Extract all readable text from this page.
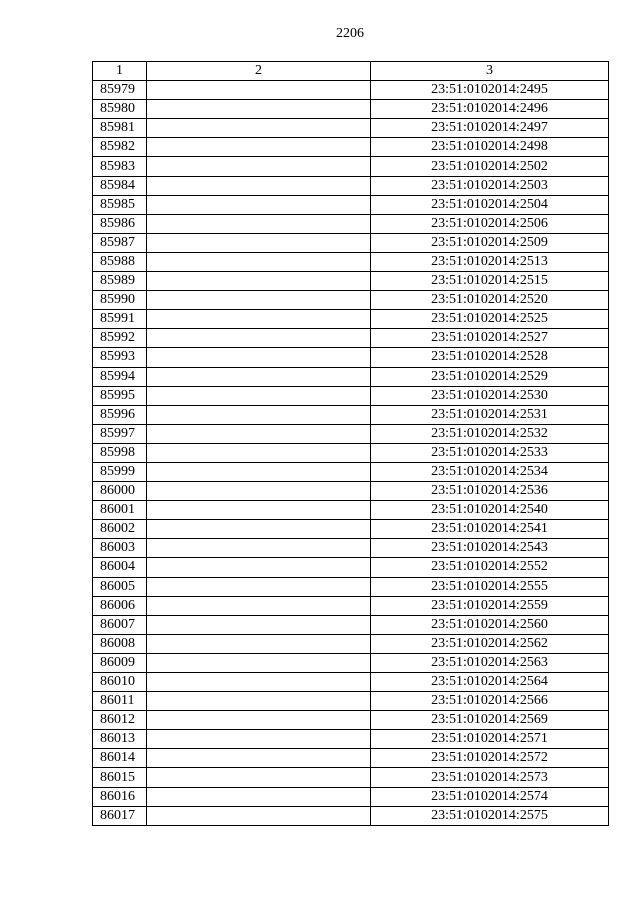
2206
1	2	3
85979		23:51:0102014:2495
85980		23:51:0102014:2496
85981		23:51:0102014:2497
85982		23:51:0102014:2498
85983		23:51:0102014:2502
85984		23:51:0102014:2503
85985		23:51:0102014:2504
85986		23:51:0102014:2506
85987		23:51:0102014:2509
85988		23:51:0102014:2513
85989		23:51:0102014:2515
85990		23:51:0102014:2520
85991		23:51:0102014:2525
85992		23:51:0102014:2527
85993		23:51:0102014:2528
85994		23:51:0102014:2529
85995		23:51:0102014:2530
85996		23:51:0102014:2531
85997		23:51:0102014:2532
85998		23:51:0102014:2533
85999		23:51:0102014:2534
86000		23:51:0102014:2536
86001		23:51:0102014:2540
86002		23:51:0102014:2541
86003		23:51:0102014:2543
86004		23:51:0102014:2552
86005		23:51:0102014:2555
86006		23:51:0102014:2559
86007		23:51:0102014:2560
86008		23:51:0102014:2562
86009		23:51:0102014:2563
86010		23:51:0102014:2564
86011		23:51:0102014:2566
86012		23:51:0102014:2569
86013		23:51:0102014:2571
86014		23:51:0102014:2572
86015		23:51:0102014:2573
86016		23:51:0102014:2574
86017		23:51:0102014:2575
